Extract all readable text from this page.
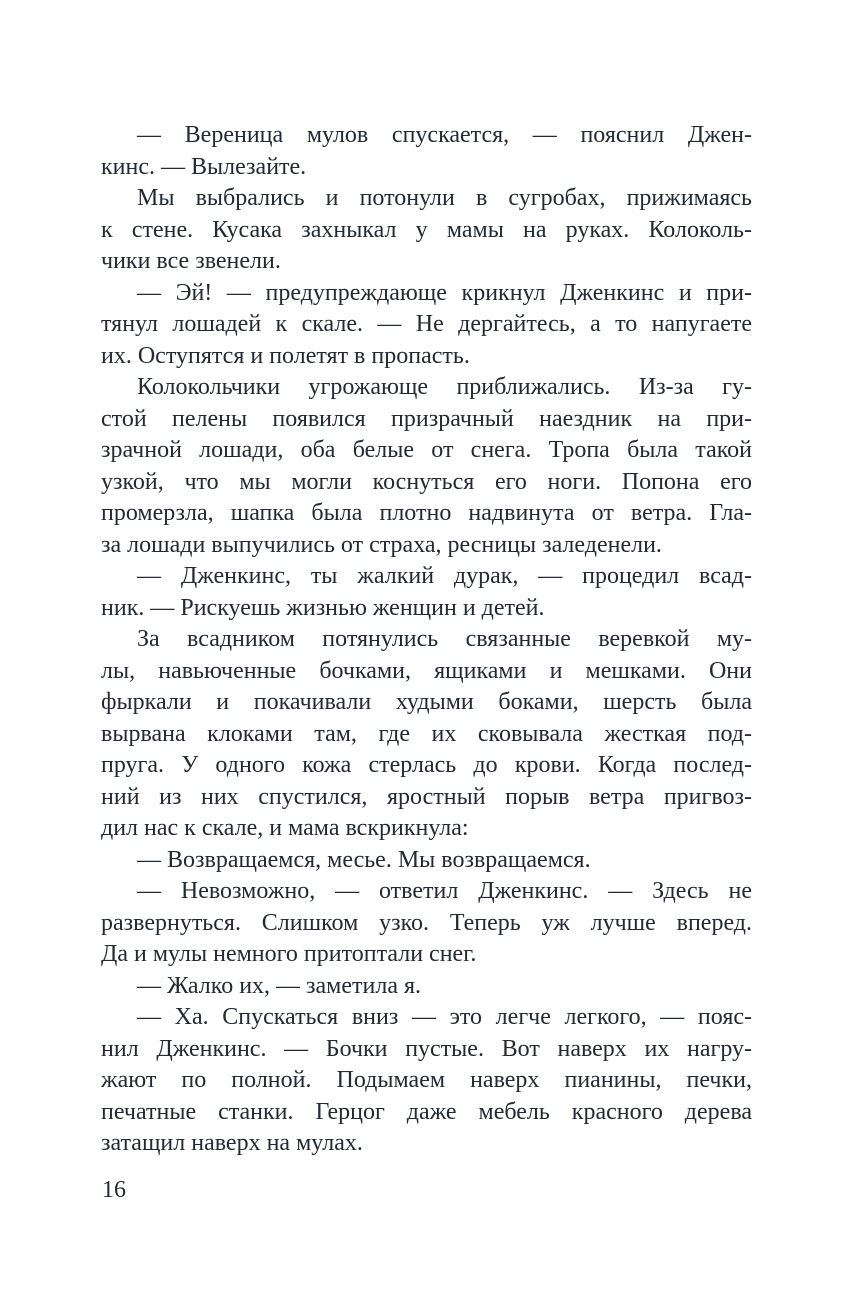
— Вереница мулов спускается, — пояснил Джен-
кинс. — Вылезайте.
Мы выбрались и потонули в сугробах, прижимаясь
к стене. Кусака захныкал у мамы на руках. Колоколь-
чики все звенели.
— Эй! — предупреждающе крикнул Дженкинс и при-
тянул лошадей к скале. — Не дергайтесь, а то напугаете
их. Оступятся и полетят в пропасть.
Колокольчики угрожающе приближались. Из-за гу-
стой пелены появился призрачный наездник на при-
зрачной лошади, оба белые от снега. Тропа была такой
узкой, что мы могли коснуться его ноги. Попона его
промерзла, шапка была плотно надвинута от ветра. Гла-
за лошади выпучились от страха, ресницы заледенели.
— Дженкинс, ты жалкий дурак, — процедил всад-
ник. — Рискуешь жизнью женщин и детей.
За всадником потянулись связанные веревкой му-
лы, навьюченные бочками, ящиками и мешками. Они
фыркали и покачивали худыми боками, шерсть была
вырвана клоками там, где их сковывала жесткая под-
пруга. У одного кожа стерлась до крови. Когда послед-
ний из них спустился, яростный порыв ветра пригвоз-
дил нас к скале, и мама вскрикнула:
— Возвращаемся, месье. Мы возвращаемся.
— Невозможно, — ответил Дженкинс. — Здесь не
развернуться. Слишком узко. Теперь уж лучше вперед.
Да и мулы немного притоптали снег.
— Жалко их, — заметила я.
— Ха. Спускаться вниз — это легче легкого, — пояс-
нил Дженкинс. — Бочки пустые. Вот наверх их нагру-
жают по полной. Подымаем наверх пианины, печки,
печатные станки. Герцог даже мебель красного дерева
затащил наверх на мулах.
16
